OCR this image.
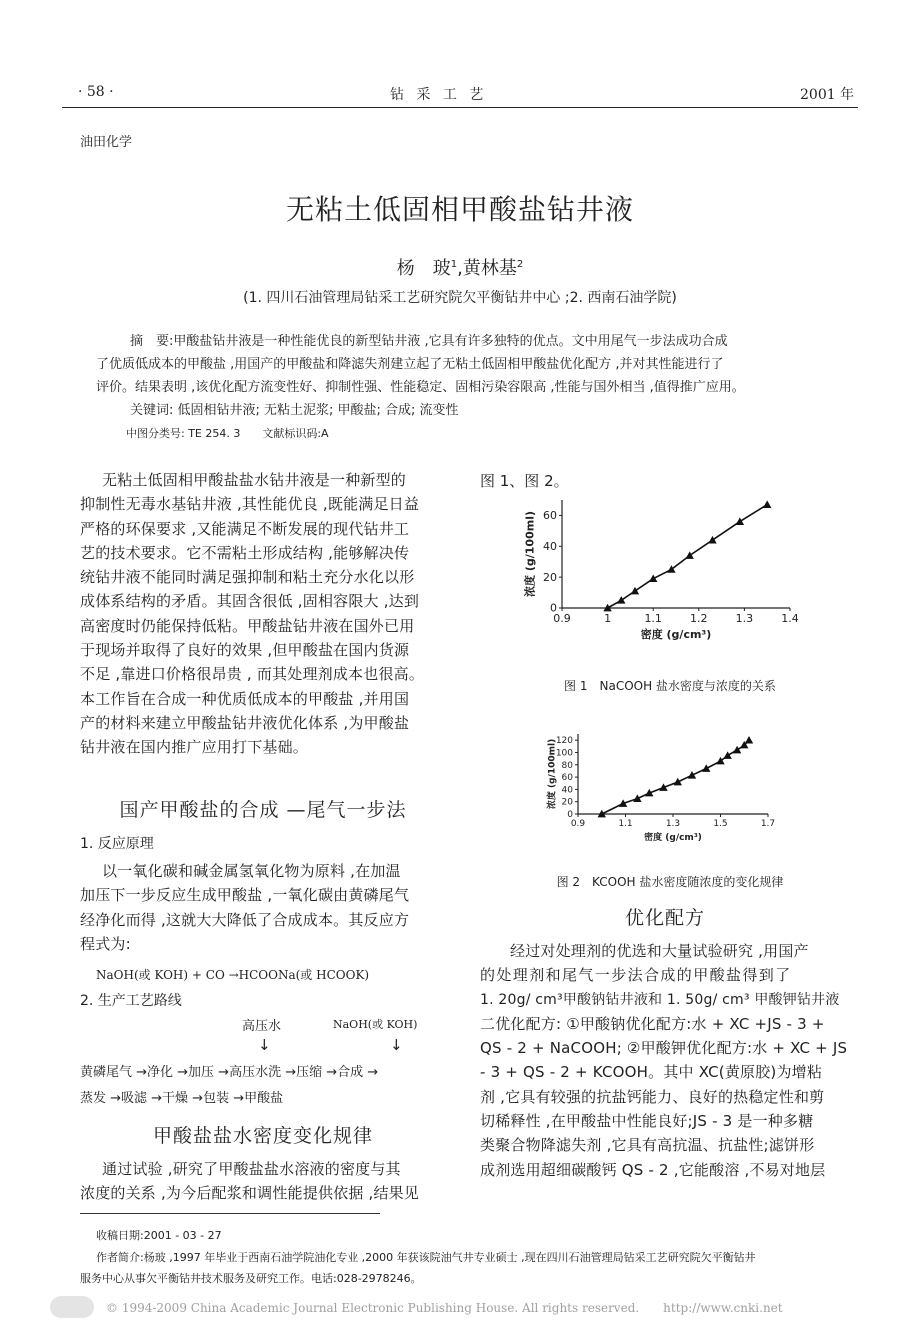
· 58 ·	钻 采 工 艺	2001 年
油田化学
无粘土低固相甲酸盐钻井液
杨　玻$^1$,黄林基$^2$
(1. 四川石油管理局钻采工艺研究院欠平衡钻井中心 ;2. 西南石油学院)
摘　要:甲酸盐钻井液是一种性能优良的新型钻井液 ,它具有许多独特的优点。文中用尾气一步法成功合成
了优质低成本的甲酸盐 ,用国产的甲酸盐和降滤失剂建立起了无粘土低固相甲酸盐优化配方 ,并对其性能进行了
评价。结果表明 ,该优化配方流变性好、抑制性强、性能稳定、固相污染容限高 ,性能与国外相当 ,值得推广应用。
关键词: 低固相钻井液; 无粘土泥浆; 甲酸盐; 合成; 流变性
中图分类号: TE 254. 3　　文献标识码:A
无粘土低固相甲酸盐盐水钻井液是一种新型的
抑制性无毒水基钻井液 ,其性能优良 ,既能满足日益
严格的环保要求 ,又能满足不断发展的现代钻井工
艺的技术要求。它不需粘土形成结构 ,能够解决传
统钻井液不能同时满足强抑制和粘土充分水化以形
成体系结构的矛盾。其固含很低 ,固相容限大 ,达到
高密度时仍能保持低粘。甲酸盐钻井液在国外已用
于现场并取得了良好的效果 ,但甲酸盐在国内货源
不足 ,靠进口价格很昂贵 , 而其处理剂成本也很高。
本工作旨在合成一种优质低成本的甲酸盐 ,并用国
产的材料来建立甲酸盐钻井液优化体系 ,为甲酸盐
钻井液在国内推广应用打下基础。
国产甲酸盐的合成 —尾气一步法
1. 反应原理
以一氧化碳和碱金属氢氧化物为原料 ,在加温
加压下一步反应生成甲酸盐 ,一氧化碳由黄磷尾气
经净化而得 ,这就大大降低了合成成本。其反应方
程式为:
NaOH(或 KOH) + CO →HCOONa(或 HCOOK)
2. 生产工艺路线
高压水	NaOH(或 KOH)
↓	↓
黄磷尾气 →净化 →加压 →高压水洗 →压缩 →合成 →
蒸发 →吸滤 →干燥 →包装 →甲酸盐
甲酸盐盐水密度变化规律
通过试验 ,研究了甲酸盐盐水溶液的密度与其
浓度的关系 ,为今后配浆和调性能提供依据 ,结果见
图 1、图 2。
0.9	1	1.1	1.2	1.3	1.4
0
20
40
60
密度 (g/cm³)
浓度 (g/100ml)
图 1　NaCOOH 盐水密度与浓度的关系
0.9	1.1	1.3	1.5	1.7
0
20
40
60
80
100
120
密度 (g/cm³)
浓度 (g/100ml)
图 2　KCOOH 盐水密度随浓度的变化规律
优化配方
经过对处理剂的优选和大量试验研究 ,用国产
的处理剂和尾气一步法合成的甲酸盐得到了
1. 20g/ cm³甲酸钠钻井液和 1. 50g/ cm³ 甲酸钾钻井液
二优化配方: ①甲酸钠优化配方:水 + XC +JS - 3 +
QS - 2 + NaCOOH; ②甲酸钾优化配方:水 + XC + JS
- 3 + QS - 2 + KCOOH。其中 XC(黄原胶)为增粘
剂 ,它具有较强的抗盐钙能力、良好的热稳定性和剪
切稀释性 ,在甲酸盐中性能良好;JS - 3 是一种多糖
类聚合物降滤失剂 ,它具有高抗温、抗盐性;滤饼形
成剂选用超细碳酸钙 QS - 2 ,它能酸溶 ,不易对地层
收稿日期:2001 - 03 - 27
作者简介:杨玻 ,1997 年毕业于西南石油学院油化专业 ,2000 年获该院油气井专业硕士 ,现在四川石油管理局钻采工艺研究院欠平衡钻井
服务中心从事欠平衡钻井技术服务及研究工作。电话:028-2978246。
© 1994-2009 China Academic Journal Electronic Publishing House. All rights reserved.　　http://www.cnki.net
